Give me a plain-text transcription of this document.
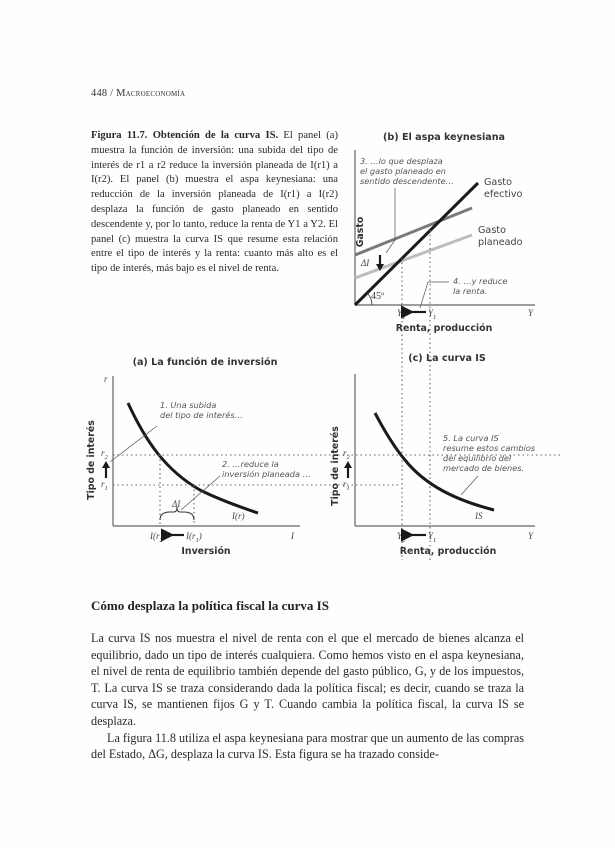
448 / Macroeconomía
Figura 11.7. Obtención de la curva IS. El panel (a) muestra la función de inversión: una subida del tipo de interés de r1 a r2 reduce la inversión planeada de I(r1) a I(r2). El panel (b) muestra el aspa keynesiana: una reducción de la inversión planeada de I(r1) a I(r2) desplaza la función de gasto planeado en sentido descendente y, por lo tanto, reduce la renta de Y1 a Y2. El panel (c) muestra la curva IS que resume esta relación entre el tipo de interés y la renta: cuanto más alto es el tipo de interés, más bajo es el nivel de renta.
(b) El aspa keynesiana
Gasto
45º
ΔI
3. …lo que desplaza
el gasto planeado en
sentido descendente…	Gasto
efectivo
Gasto
planeado
4. …y reduce
la renta.
$Y_2$	$Y_1$	Y
Renta, producción
(a) La función de inversión
Tipo de interés
r
ΔI
1. Una subida
del tipo de interés…
2. …reduce la
inversión planeada …
I(r)
$r_2$
$r_1$
$I(r_2)$ $I(r_1)$	I
Inversión
(c) La curva IS
Tipo de interés
IS
5. La curva IS
resume estos cambios
del equilibrio del
mercado de bienes.
$r_2$
$r_1$
$Y_2$	$Y_1$	Y
Renta, producción
Cómo desplaza la política fiscal la curva IS

La curva IS nos muestra el nivel de renta con el que el mercado de bienes alcanza el equilibrio, dado un tipo de interés cualquiera. Como hemos visto en el aspa keynesiana, el nivel de renta de equilibrio también depende del gasto público, G, y de los impuestos, T. La curva IS se traza considerando dada la política fiscal; es decir, cuando se traza la curva IS, se mantienen fijos G y T. Cuando cambia la política fiscal, la curva IS se desplaza.

La figura 11.8 utiliza el aspa keynesiana para mostrar que un aumento de las compras del Estado, ΔG, desplaza la curva IS. Esta figura se ha trazado conside-
